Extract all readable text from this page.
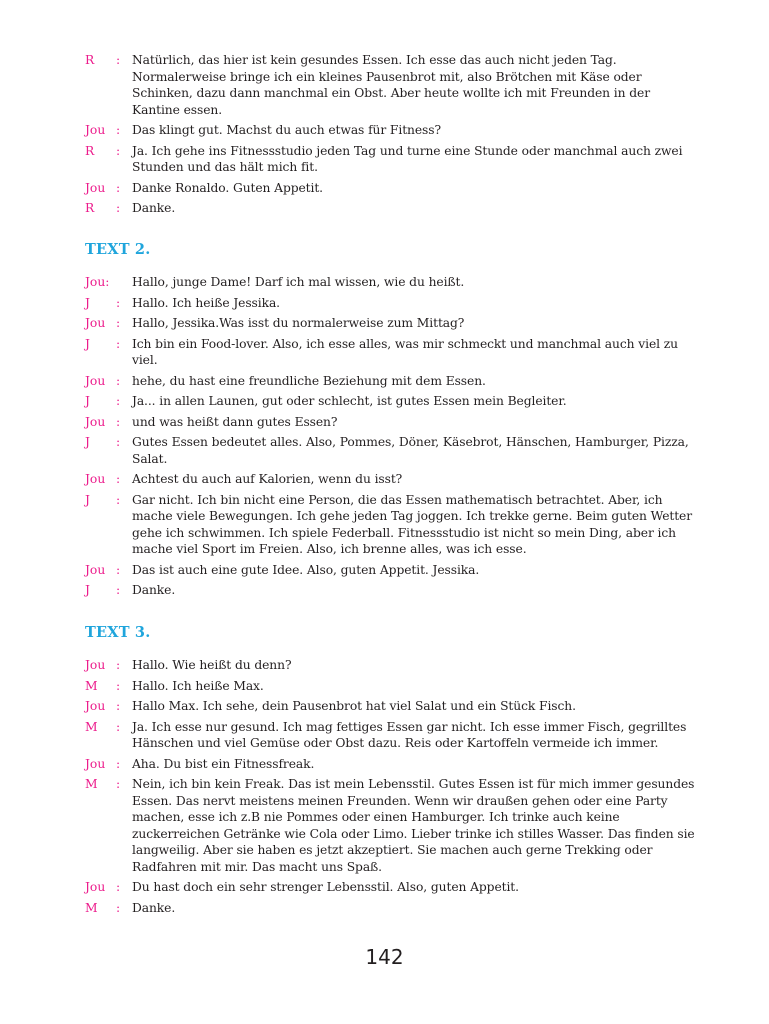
R	: Natürlich, das hier ist kein gesundes Essen. Ich esse das auch nicht jeden Tag. Normalerweise bringe ich ein kleines Pausenbrot mit, also Brötchen mit Käse oder Schinken, dazu dann manchmal ein Obst. Aber heute wollte ich mit Freunden in der Kantine essen.
Jou : Das klingt gut. Machst du auch etwas für Fitness?
R	: Ja. Ich gehe ins Fitnessstudio jeden Tag und turne eine Stunde oder manchmal auch zwei Stunden und das hält mich fit.
Jou : Danke Ronaldo. Guten Appetit.
R	: Danke.
TEXT 2.
Jou:	Hallo, junge Dame! Darf ich mal wissen, wie du heißt.
J	: Hallo. Ich heiße Jessika.
Jou : Hallo, Jessika.Was isst du normalerweise zum Mittag?
J	: Ich bin ein Food-lover. Also, ich esse alles, was mir schmeckt und manchmal auch viel zu viel.
Jou : hehe, du hast eine freundliche Beziehung mit dem Essen.
J	: Ja... in allen Launen, gut oder schlecht, ist gutes Essen mein Begleiter.
Jou : und was heißt dann gutes Essen?
J	: Gutes Essen bedeutet alles. Also, Pommes, Döner, Käsebrot, Hänschen, Hamburger, Pizza, Salat.
Jou : Achtest du auch auf Kalorien, wenn du isst?
J	: Gar nicht. Ich bin nicht eine Person, die das Essen mathematisch betrachtet. Aber, ich mache viele Bewegungen. Ich gehe jeden Tag joggen. Ich trekke gerne. Beim guten Wetter gehe ich schwimmen. Ich spiele Federball. Fitnessstudio ist nicht so mein Ding, aber ich mache viel Sport im Freien. Also, ich brenne alles, was ich esse.
Jou : Das ist auch eine gute Idee. Also, guten Appetit. Jessika.
J	: Danke.
TEXT 3.
Jou : Hallo. Wie heißt du denn?
M	: Hallo. Ich heiße Max.
Jou : Hallo Max. Ich sehe, dein Pausenbrot hat viel Salat und ein Stück Fisch.
M	: Ja. Ich esse nur gesund. Ich mag fettiges Essen gar nicht. Ich esse immer Fisch, gegrilltes Hänschen und viel Gemüse oder Obst dazu. Reis oder Kartoffeln vermeide ich immer.
Jou : Aha. Du bist ein Fitnessfreak.
M	: Nein, ich bin kein Freak. Das ist mein Lebensstil. Gutes Essen ist für mich immer gesundes Essen. Das nervt meistens meinen Freunden. Wenn wir draußen gehen oder eine Party machen, esse ich z.B nie Pommes oder einen Hamburger. Ich trinke auch keine zuckerreichen Getränke wie Cola oder Limo. Lieber trinke ich stilles Wasser. Das finden sie langweilig. Aber sie haben es jetzt akzeptiert. Sie machen auch gerne Trekking oder Radfahren mit mir. Das macht uns Spaß.
Jou : Du hast doch ein sehr strenger Lebensstil. Also, guten Appetit.
M	: Danke.
142
